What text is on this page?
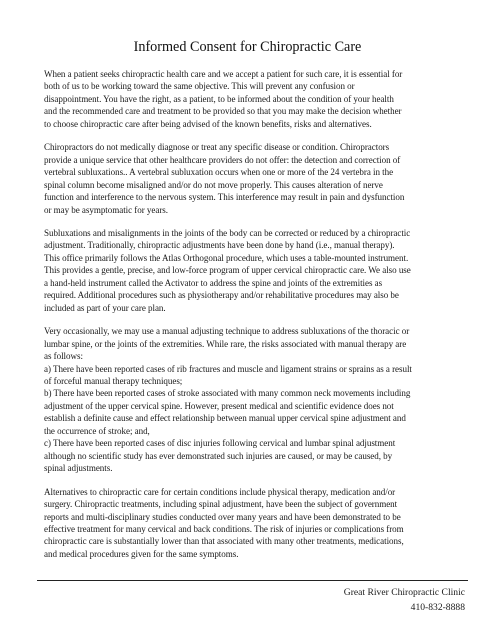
Informed Consent for Chiropractic Care

When a patient seeks chiropractic health care and we accept a patient for such care, it is essential for
both of us to be working toward the same objective. This will prevent any confusion or
disappointment. You have the right, as a patient, to be informed about the condition of your health
and the recommended care and treatment to be provided so that you may make the decision whether
to choose chiropractic care after being advised of the known benefits, risks and alternatives.

Chiropractors do not medically diagnose or treat any specific disease or condition. Chiropractors
provide a unique service that other healthcare providers do not offer: the detection and correction of
vertebral subluxations.. A vertebral subluxation occurs when one or more of the 24 vertebra in the
spinal column become misaligned and/or do not move properly. This causes alteration of nerve
function and interference to the nervous system. This interference may result in pain and dysfunction
or may be asymptomatic for years.

Subluxations and misalignments in the joints of the body can be corrected or reduced by a chiropractic
adjustment. Traditionally, chiropractic adjustments have been done by hand (i.e., manual therapy).
This office primarily follows the Atlas Orthogonal procedure, which uses a table-mounted instrument.
This provides a gentle, precise, and low-force program of upper cervical chiropractic care. We also use
a hand-held instrument called the Activator to address the spine and joints of the extremities as
required. Additional procedures such as physiotherapy and/or rehabilitative procedures may also be
included as part of your care plan.

Very occasionally, we may use a manual adjusting technique to address subluxations of the thoracic or
lumbar spine, or the joints of the extremities. While rare, the risks associated with manual therapy are
as follows:
a) There have been reported cases of rib fractures and muscle and ligament strains or sprains as a result
of forceful manual therapy techniques;
b) There have been reported cases of stroke associated with many common neck movements including
adjustment of the upper cervical spine. However, present medical and scientific evidence does not
establish a definite cause and effect relationship between manual upper cervical spine adjustment and
the occurrence of stroke; and,
c) There have been reported cases of disc injuries following cervical and lumbar spinal adjustment
although no scientific study has ever demonstrated such injuries are caused, or may be caused, by
spinal adjustments.

Alternatives to chiropractic care for certain conditions include physical therapy, medication and/or
surgery. Chiropractic treatments, including spinal adjustment, have been the subject of government
reports and multi-disciplinary studies conducted over many years and have been demonstrated to be
effective treatment for many cervical and back conditions. The risk of injuries or complications from
chiropractic care is substantially lower than that associated with many other treatments, medications,
and medical procedures given for the same symptoms.

Great River Chiropractic Clinic
410-832-8888
